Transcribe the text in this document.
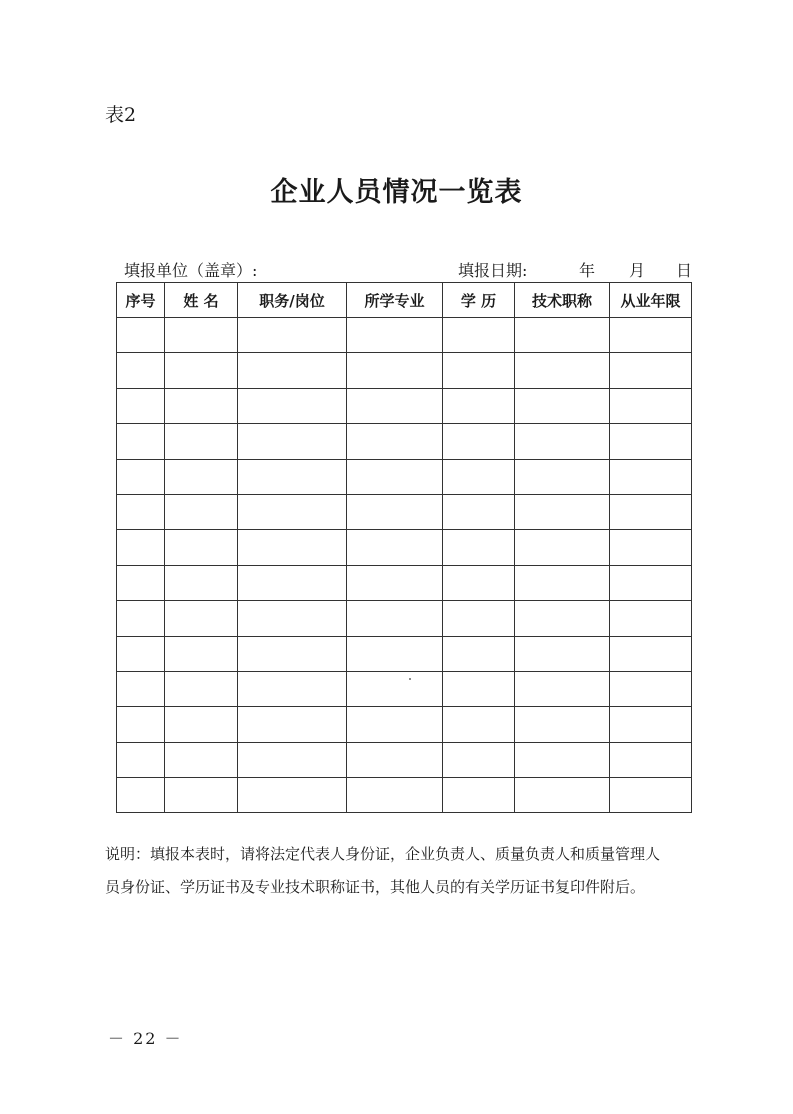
表2
企业人员情况一览表
填报单位（盖章）:	填报日期:	年 月 日
序号	姓 名	职务/岗位	所学专业	学 历	技术职称	从业年限

说明：填报本表时，请将法定代表人身份证，企业负责人、质量负责人和质量管理人
员身份证、学历证书及专业技术职称证书，其他人员的有关学历证书复印件附后。
－ 22 －
